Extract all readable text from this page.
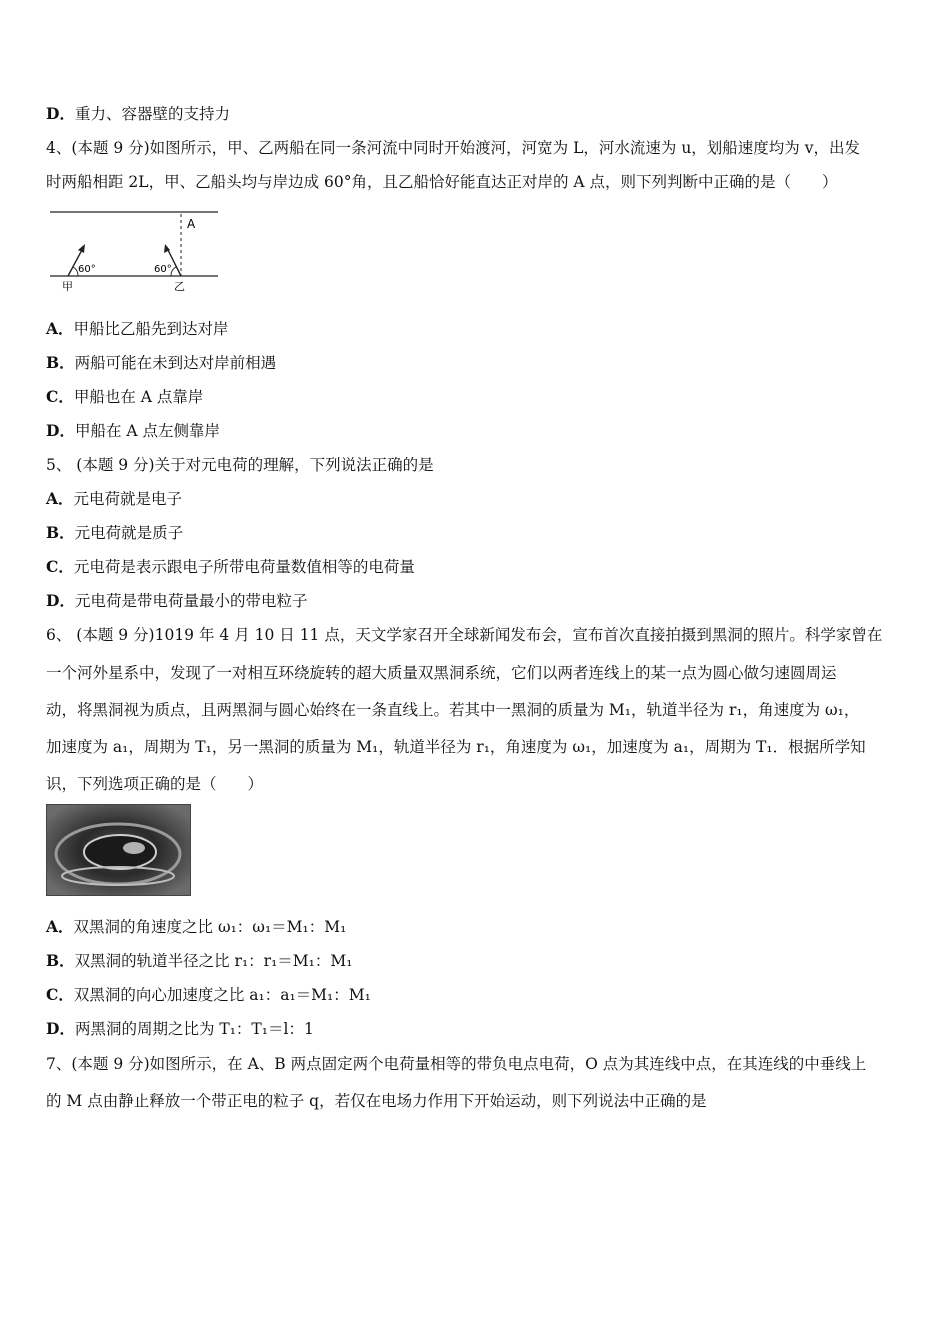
D．重力、容器壁的支持力
4、(本题 9 分)如图所示，甲、乙两船在同一条河流中同时开始渡河，河宽为 L，河水流速为 u，划船速度均为 v，出发
时两船相距 2L，甲、乙船头均与岸边成 60°角，且乙船恰好能直达正对岸的 A 点，则下列判断中正确的是（　　）
A
60°	60°
甲	乙
A．甲船比乙船先到达对岸
B．两船可能在未到达对岸前相遇
C．甲船也在 A 点靠岸
D．甲船在 A 点左侧靠岸
5、 (本题 9 分)关于对元电荷的理解，下列说法正确的是
A．元电荷就是电子
B．元电荷就是质子
C．元电荷是表示跟电子所带电荷量数值相等的电荷量
D．元电荷是带电荷量最小的带电粒子
6、 (本题 9 分)1019 年 4 月 10 日 11 点，天文学家召开全球新闻发布会，宣布首次直接拍摄到黑洞的照片。科学家曾在
一个河外星系中，发现了一对相互环绕旋转的超大质量双黑洞系统，它们以两者连线上的某一点为圆心做匀速圆周运
动，将黑洞视为质点，且两黑洞与圆心始终在一条直线上。若其中一黑洞的质量为 M₁，轨道半径为 r₁，角速度为 ω₁，
加速度为 a₁，周期为 T₁，另一黑洞的质量为 M₁，轨道半径为 r₁，角速度为 ω₁，加速度为 a₁，周期为 T₁．根据所学知
识，下列选项正确的是（　　）
A．双黑洞的角速度之比 ω₁：ω₁＝M₁：M₁
B．双黑洞的轨道半径之比 r₁：r₁＝M₁：M₁
C．双黑洞的向心加速度之比 a₁：a₁＝M₁：M₁
D．两黑洞的周期之比为 T₁：T₁＝l：1
7、(本题 9 分)如图所示，在 A、B 两点固定两个电荷量相等的带负电点电荷，O 点为其连线中点，在其连线的中垂线上
的 M 点由静止释放一个带正电的粒子 q，若仅在电场力作用下开始运动，则下列说法中正确的是
